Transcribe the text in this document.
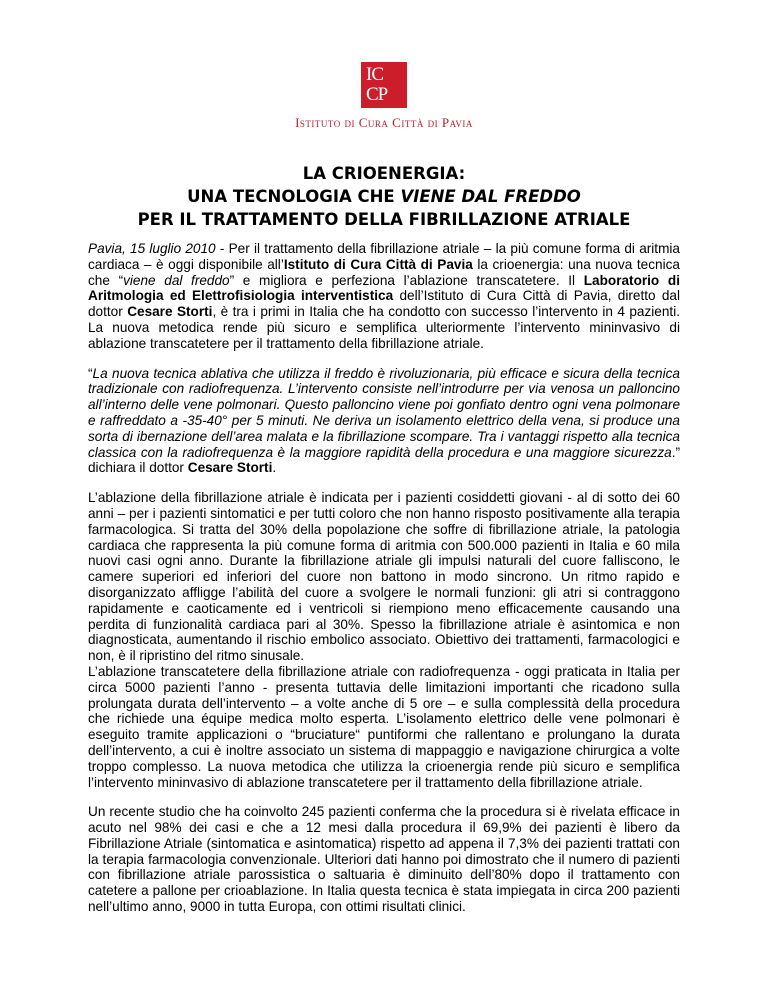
IC
CP
Istituto di Cura Città di Pavia
LA CRIOENERGIA:
UNA TECNOLOGIA CHE VIENE DAL FREDDO
PER IL TRATTAMENTO DELLA FIBRILLAZIONE ATRIALE

Pavia, 15 luglio 2010 - Per il trattamento della fibrillazione atriale – la più comune forma di aritmia cardiaca – è oggi disponibile all’Istituto di Cura Città di Pavia la crioenergia: una nuova tecnica che “viene dal freddo” e migliora e perfeziona l’ablazione transcatetere. Il Laboratorio di Aritmologia ed Elettrofisiologia interventistica dell’Istituto di Cura Città di Pavia, diretto dal dottor Cesare Storti, è tra i primi in Italia che ha condotto con successo l’intervento in 4 pazienti. La nuova metodica rende più sicuro e semplifica ulteriormente l’intervento mininvasivo di ablazione transcatetere per il trattamento della fibrillazione atriale.

“La nuova tecnica ablativa che utilizza il freddo è rivoluzionaria, più efficace e sicura della tecnica tradizionale con radiofrequenza. L’intervento consiste nell’introdurre per via venosa un palloncino all’interno delle vene polmonari. Questo palloncino viene poi gonfiato dentro ogni vena polmonare e raffreddato a -35-40° per 5 minuti. Ne deriva un isolamento elettrico della vena, si produce una sorta di ibernazione dell’area malata e la fibrillazione scompare. Tra i vantaggi rispetto alla tecnica classica con la radiofrequenza è la maggiore rapidità della procedura e una maggiore sicurezza.” dichiara il dottor Cesare Storti.

L’ablazione della fibrillazione atriale è indicata per i pazienti cosiddetti giovani - al di sotto dei 60 anni – per i pazienti sintomatici e per tutti coloro che non hanno risposto positivamente alla terapia farmacologica. Si tratta del 30% della popolazione che soffre di fibrillazione atriale, la patologia cardiaca che rappresenta la più comune forma di aritmia con 500.000 pazienti in Italia e 60 mila nuovi casi ogni anno. Durante la fibrillazione atriale gli impulsi naturali del cuore falliscono, le camere superiori ed inferiori del cuore non battono in modo sincrono. Un ritmo rapido e disorganizzato affligge l’abilità del cuore a svolgere le normali funzioni: gli atri si contraggono rapidamente e caoticamente ed i ventricoli si riempiono meno efficacemente causando una perdita di funzionalità cardiaca pari al 30%. Spesso la fibrillazione atriale è asintomica e non diagnosticata, aumentando il rischio embolico associato. Obiettivo dei trattamenti, farmacologici e non, è il ripristino del ritmo sinusale.

L’ablazione transcatetere della fibrillazione atriale con radiofrequenza - oggi praticata in Italia per circa 5000 pazienti l’anno - presenta tuttavia delle limitazioni importanti che ricadono sulla prolungata durata dell’intervento – a volte anche di 5 ore – e sulla complessità della procedura che richiede una équipe medica molto esperta. L’isolamento elettrico delle vene polmonari è eseguito tramite applicazioni o “bruciature“ puntiformi che rallentano e prolungano la durata dell’intervento, a cui è inoltre associato un sistema di mappaggio e navigazione chirurgica a volte troppo complesso. La nuova metodica che utilizza la crioenergia rende più sicuro e semplifica l’intervento mininvasivo di ablazione transcatetere per il trattamento della fibrillazione atriale.

Un recente studio che ha coinvolto 245 pazienti conferma che la procedura si è rivelata efficace in acuto nel 98% dei casi e che a 12 mesi dalla procedura il 69,9% dei pazienti è libero da Fibrillazione Atriale (sintomatica e asintomatica) rispetto ad appena il 7,3% dei pazienti trattati con la terapia farmacologia convenzionale. Ulteriori dati hanno poi dimostrato che il numero di pazienti con fibrillazione atriale parossistica o saltuaria è diminuito dell’80% dopo il trattamento con catetere a pallone per crioablazione. In Italia questa tecnica è stata impiegata in circa 200 pazienti nell’ultimo anno, 9000 in tutta Europa, con ottimi risultati clinici.
